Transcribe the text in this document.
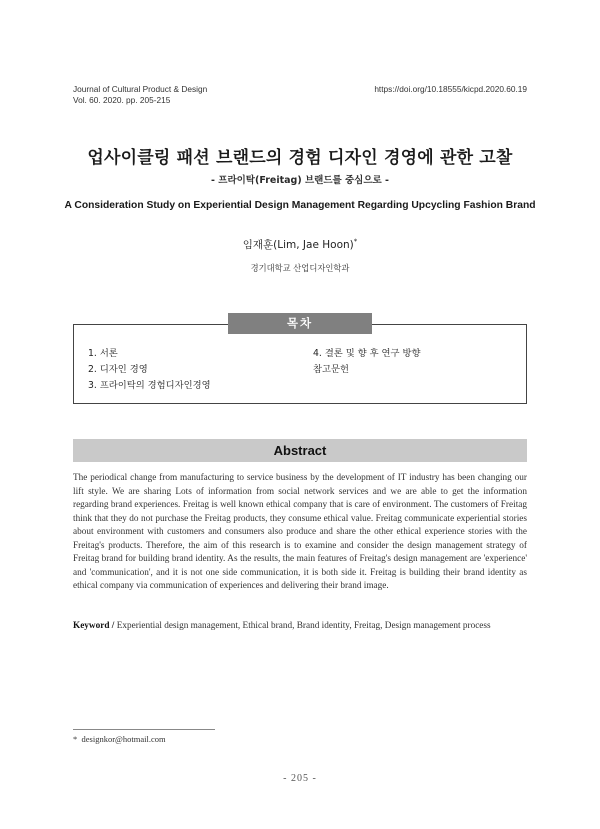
Journal of Cultural Product & Design
Vol. 60. 2020. pp. 205-215
https://doi.org/10.18555/kicpd.2020.60.19
업사이클링 패션 브랜드의 경험 디자인 경영에 관한 고찰
- 프라이탁(Freitag) 브랜드를 중심으로 -
A Consideration Study on Experiential Design Management Regarding Upcycling Fashion Brand
임재훈(Lim, Jae Hoon)*
경기대학교 산업디자인학과
목차
1. 서론
2. 디자인 경영
3. 프라이탁의 경험디자인경영
4. 결론 및 향 후 연구 방향
참고문헌
Abstract
The periodical change from manufacturing to service business by the development of IT industry has been changing our lift style. We are sharing Lots of information from social network services and we are able to get the information regarding brand experiences. Freitag is well known ethical company that is care of environment. The customers of Freitag think that they do not purchase the Freitag products, they consume ethical value. Freitag communicate experiential stories about environment with customers and consumers also produce and share the other ethical experience stories with the Freitag's products. Therefore, the aim of this research is to examine and consider the design management strategy of Freitag brand for building brand identity. As the results, the main features of Freitag's design management are 'experience' and 'communication', and it is not one side communication, it is both side it. Freitag is building their brand identity as ethical company via communication of experiences and delivering their brand image.
Keyword / Experiential design management, Ethical brand, Brand identity, Freitag, Design management process
* designkor@hotmail.com
- 205 -
